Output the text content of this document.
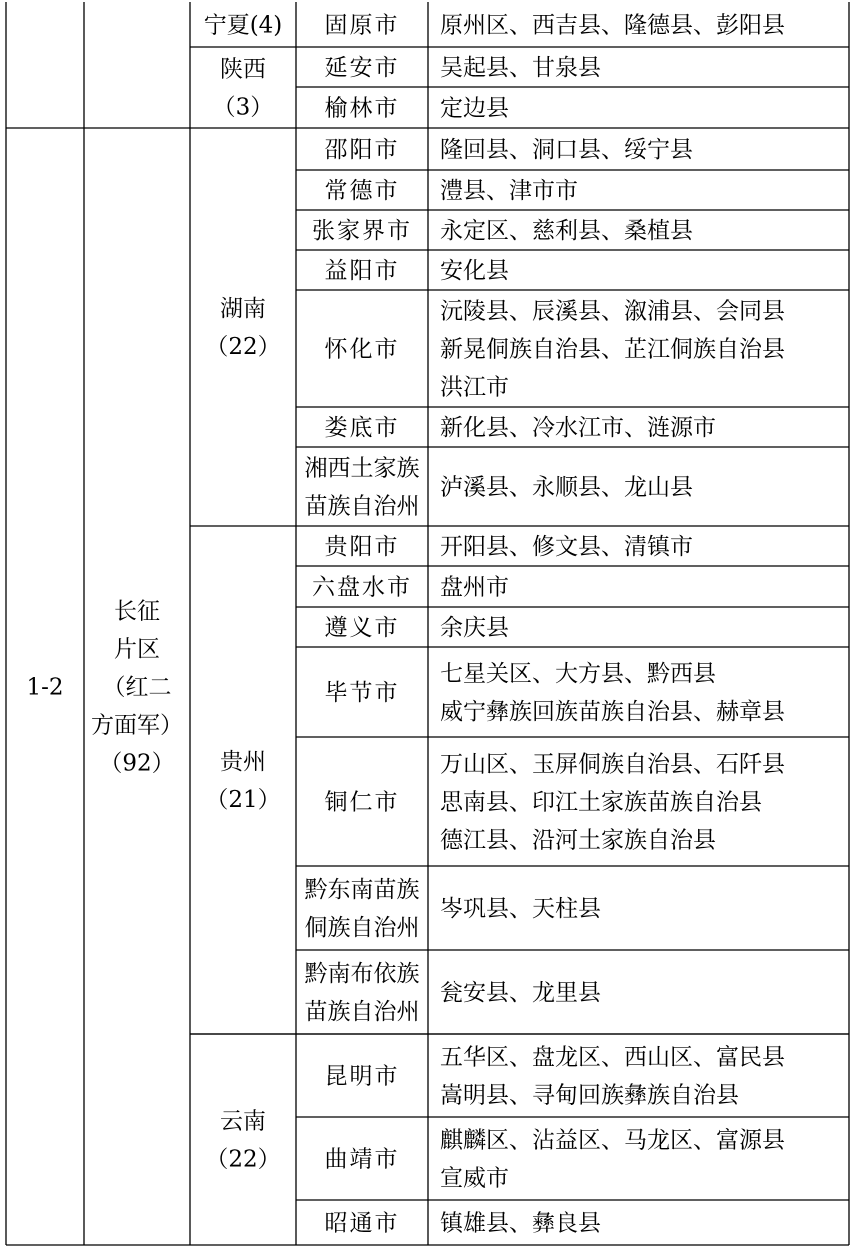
宁夏(4) 固原市 原州区、西吉县、隆德县、彭阳县
陕西
（3）
延安市 吴起县、甘泉县
榆林市 定边县
湖南
（22）
邵阳市 隆回县、洞口县、绥宁县
常德市 澧县、津市市
张家界市 永定区、慈利县、桑植县
益阳市 安化县
怀化市
沅陵县、辰溪县、溆浦县、会同县
新晃侗族自治县、芷江侗族自治县
洪江市
娄底市 新化县、冷水江市、涟源市
湘西土家族
苗族自治州
泸溪县、永顺县、龙山县
贵州
（21）
贵阳市 开阳县、修文县、清镇市
六盘水市 盘州市
遵义市 余庆县
毕节市
七星关区、大方县、黔西县
威宁彝族回族苗族自治县、赫章县
铜仁市
万山区、玉屏侗族自治县、石阡县
思南县、印江土家族苗族自治县
德江县、沿河土家族自治县
黔东南苗族
侗族自治州
岑巩县、天柱县
黔南布依族
苗族自治州
瓮安县、龙里县
云南
（22）
昆明市
五华区、盘龙区、西山区、富民县
嵩明县、寻甸回族彝族自治县
曲靖市
麒麟区、沾益区、马龙区、富源县
宣威市
昭通市 镇雄县、彝良县
1-2
长征
片区
（红二
方面军）
（92）
